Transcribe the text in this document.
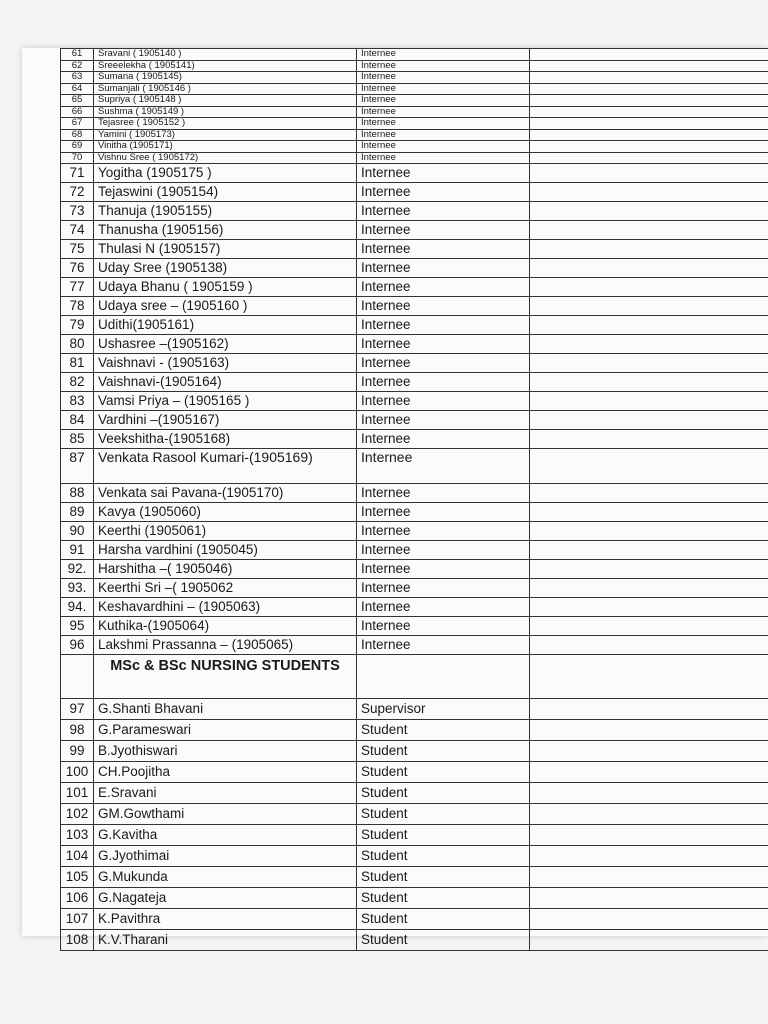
61	Sravani ( 1905140 )	Internee	
62	Sreeelekha ( 1905141)	Internee	
63	Sumana ( 1905145)	Internee	
64	Sumanjali ( 1905146 )	Internee	
65	Supriya ( 1905148 )	Internee	
66	Sushma ( 1905149 )	Internee	
67	Tejasree ( 1905152 )	Internee	
68	Yamini ( 1905173)	Internee	
69	Vinitha (1905171)	Internee	
70	Vishnu Sree ( 1905172)	Internee	
71	Yogitha (1905175 )	Internee	
72	Tejaswini (1905154)	Internee	
73	Thanuja (1905155)	Internee	
74	Thanusha (1905156)	Internee	
75	Thulasi N (1905157)	Internee	
76	Uday Sree (1905138)	Internee	
77	Udaya Bhanu ( 1905159 )	Internee	
78	Udaya sree – (1905160 )	Internee	
79	Udithi(1905161)	Internee	
80	Ushasree –(1905162)	Internee	
81	Vaishnavi - (1905163)	Internee	
82	Vaishnavi-(1905164)	Internee	
83	Vamsi Priya – (1905165 )	Internee	
84	Vardhini –(1905167)	Internee	
85	Veekshitha-(1905168)	Internee	
87	Venkata Rasool Kumari-(1905169)	Internee	
88	Venkata sai Pavana-(1905170)	Internee	
89	Kavya (1905060)	Internee	
90	Keerthi (1905061)	Internee	
91	Harsha vardhini (1905045)	Internee	
92.	Harshitha –( 1905046)	Internee	
93.	Keerthi Sri –( 1905062	Internee	
94.	Keshavardhini – (1905063)	Internee	
95	Kuthika-(1905064)	Internee	
96	Lakshmi Prassanna – (1905065)	Internee	
	MSc & BSc NURSING STUDENTS		
97	G.Shanti Bhavani	Supervisor	
98	G.Parameswari	Student	
99	B.Jyothiswari	Student	
100	CH.Poojitha	Student	
101	E.Sravani	Student	
102	GM.Gowthami	Student	
103	G.Kavitha	Student	
104	G.Jyothimai	Student	
105	G.Mukunda	Student	
106	G.Nagateja	Student	
107	K.Pavithra	Student	
108	K.V.Tharani	Student	
